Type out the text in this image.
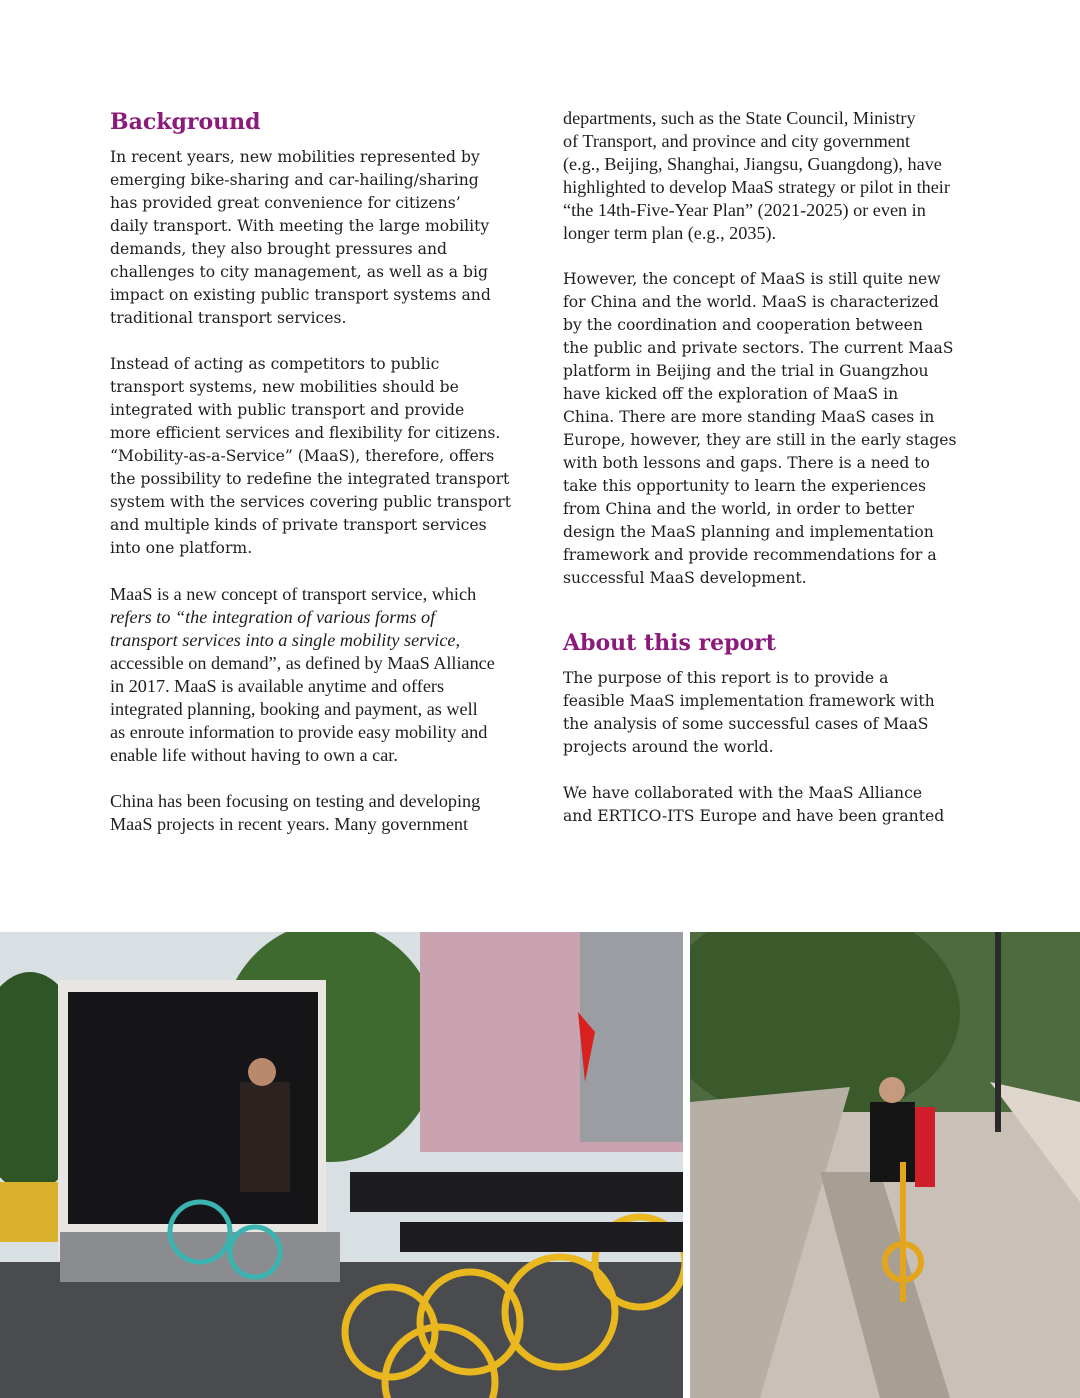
Background

In recent years, new mobilities represented by
emerging bike-sharing and car-hailing/sharing
has provided great convenience for citizens’
daily transport. With meeting the large mobility
demands, they also brought pressures and
challenges to city management, as well as a big
impact on existing public transport systems and
traditional transport services.

Instead of acting as competitors to public
transport systems, new mobilities should be
integrated with public transport and provide
more efficient services and flexibility for citizens.
“Mobility-as-a-Service” (MaaS), therefore, offers
the possibility to redefine the integrated transport
system with the services covering public transport
and multiple kinds of private transport services
into one platform.

MaaS is a new concept of transport service, which
refers to “the integration of various forms of
transport services into a single mobility service,
accessible on demand”, as defined by MaaS Alliance
in 2017. MaaS is available anytime and offers
integrated planning, booking and payment, as well
as enroute information to provide easy mobility and
enable life without having to own a car.

China has been focusing on testing and developing
MaaS projects in recent years. Many government

departments, such as the State Council, Ministry
of Transport, and province and city government
(e.g., Beijing, Shanghai, Jiangsu, Guangdong), have
highlighted to develop MaaS strategy or pilot in their
“the 14th-Five-Year Plan” (2021-2025) or even in
longer term plan (e.g., 2035).

However, the concept of MaaS is still quite new
for China and the world. MaaS is characterized
by the coordination and cooperation between
the public and private sectors. The current MaaS
platform in Beijing and the trial in Guangzhou
have kicked off the exploration of MaaS in
China. There are more standing MaaS cases in
Europe, however, they are still in the early stages
with both lessons and gaps. There is a need to
take this opportunity to learn the experiences
from China and the world, in order to better
design the MaaS planning and implementation
framework and provide recommendations for a
successful MaaS development.

About this report

The purpose of this report is to provide a
feasible MaaS implementation framework with
the analysis of some successful cases of MaaS
projects around the world.

We have collaborated with the MaaS Alliance
and ERTICO-ITS Europe and have been granted
